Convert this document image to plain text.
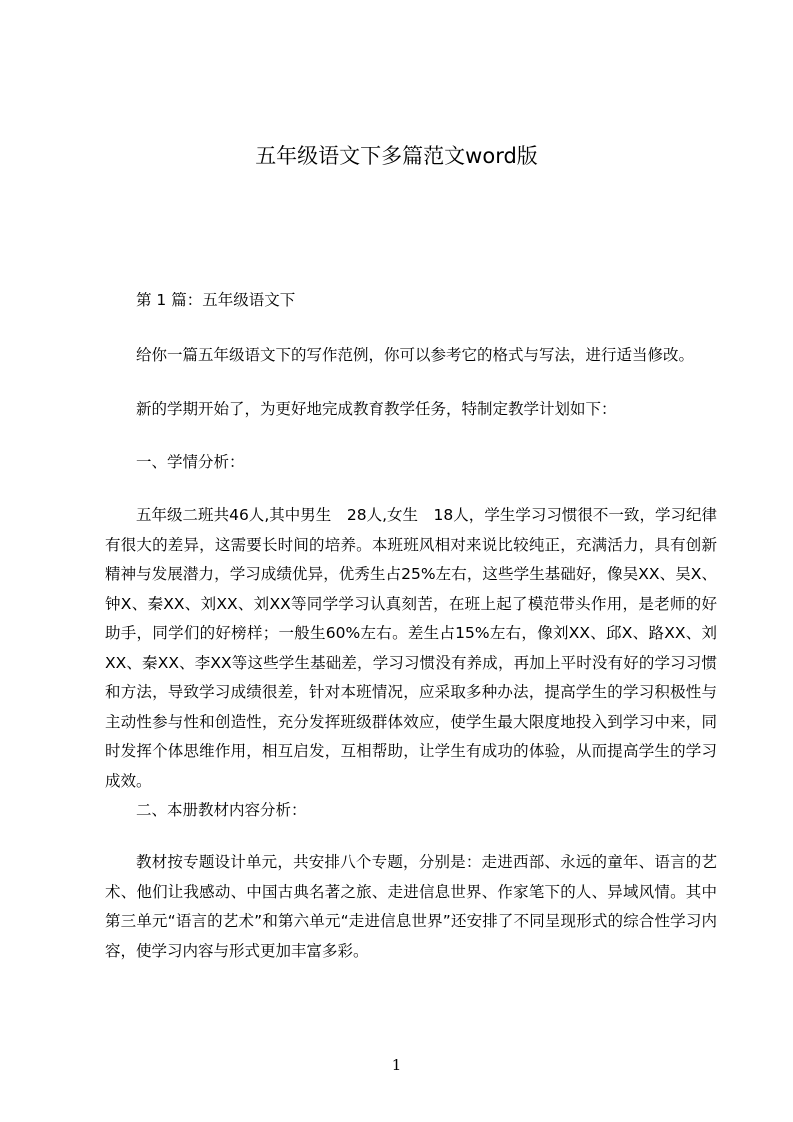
五年级语文下多篇范文word版
第 1 篇：五年级语文下
给你一篇五年级语文下的写作范例，你可以参考它的格式与写法，进行适当修改。
新的学期开始了，为更好地完成教育教学任务，特制定教学计划如下：
一、学情分析：
五年级二班共46人,其中男生　28人,女生　18人，学生学习习惯很不一致，学习纪律有很大的差异，这需要长时间的培养。本班班风相对来说比较纯正，充满活力，具有创新精神与发展潜力，学习成绩优异，优秀生占25%左右，这些学生基础好，像吴XX、吴X、钟X、秦XX、刘XX、刘XX等同学学习认真刻苦，在班上起了模范带头作用，是老师的好助手，同学们的好榜样；一般生60%左右。差生占15%左右，像刘XX、邱X、路XX、刘XX、秦XX、李XX等这些学生基础差，学习习惯没有养成，再加上平时没有好的学习习惯和方法，导致学习成绩很差，针对本班情况，应采取多种办法，提高学生的学习积极性与主动性参与性和创造性，充分发挥班级群体效应，使学生最大限度地投入到学习中来，同时发挥个体思维作用，相互启发，互相帮助，让学生有成功的体验，从而提高学生的学习成效。
二、本册教材内容分析：
教材按专题设计单元，共安排八个专题，分别是：走进西部、永远的童年、语言的艺术、他们让我感动、中国古典名著之旅、走进信息世界、作家笔下的人、异域风情。其中第三单元“语言的艺术”和第六单元“走进信息世界”还安排了不同呈现形式的综合性学习内容，使学习内容与形式更加丰富多彩。
1
